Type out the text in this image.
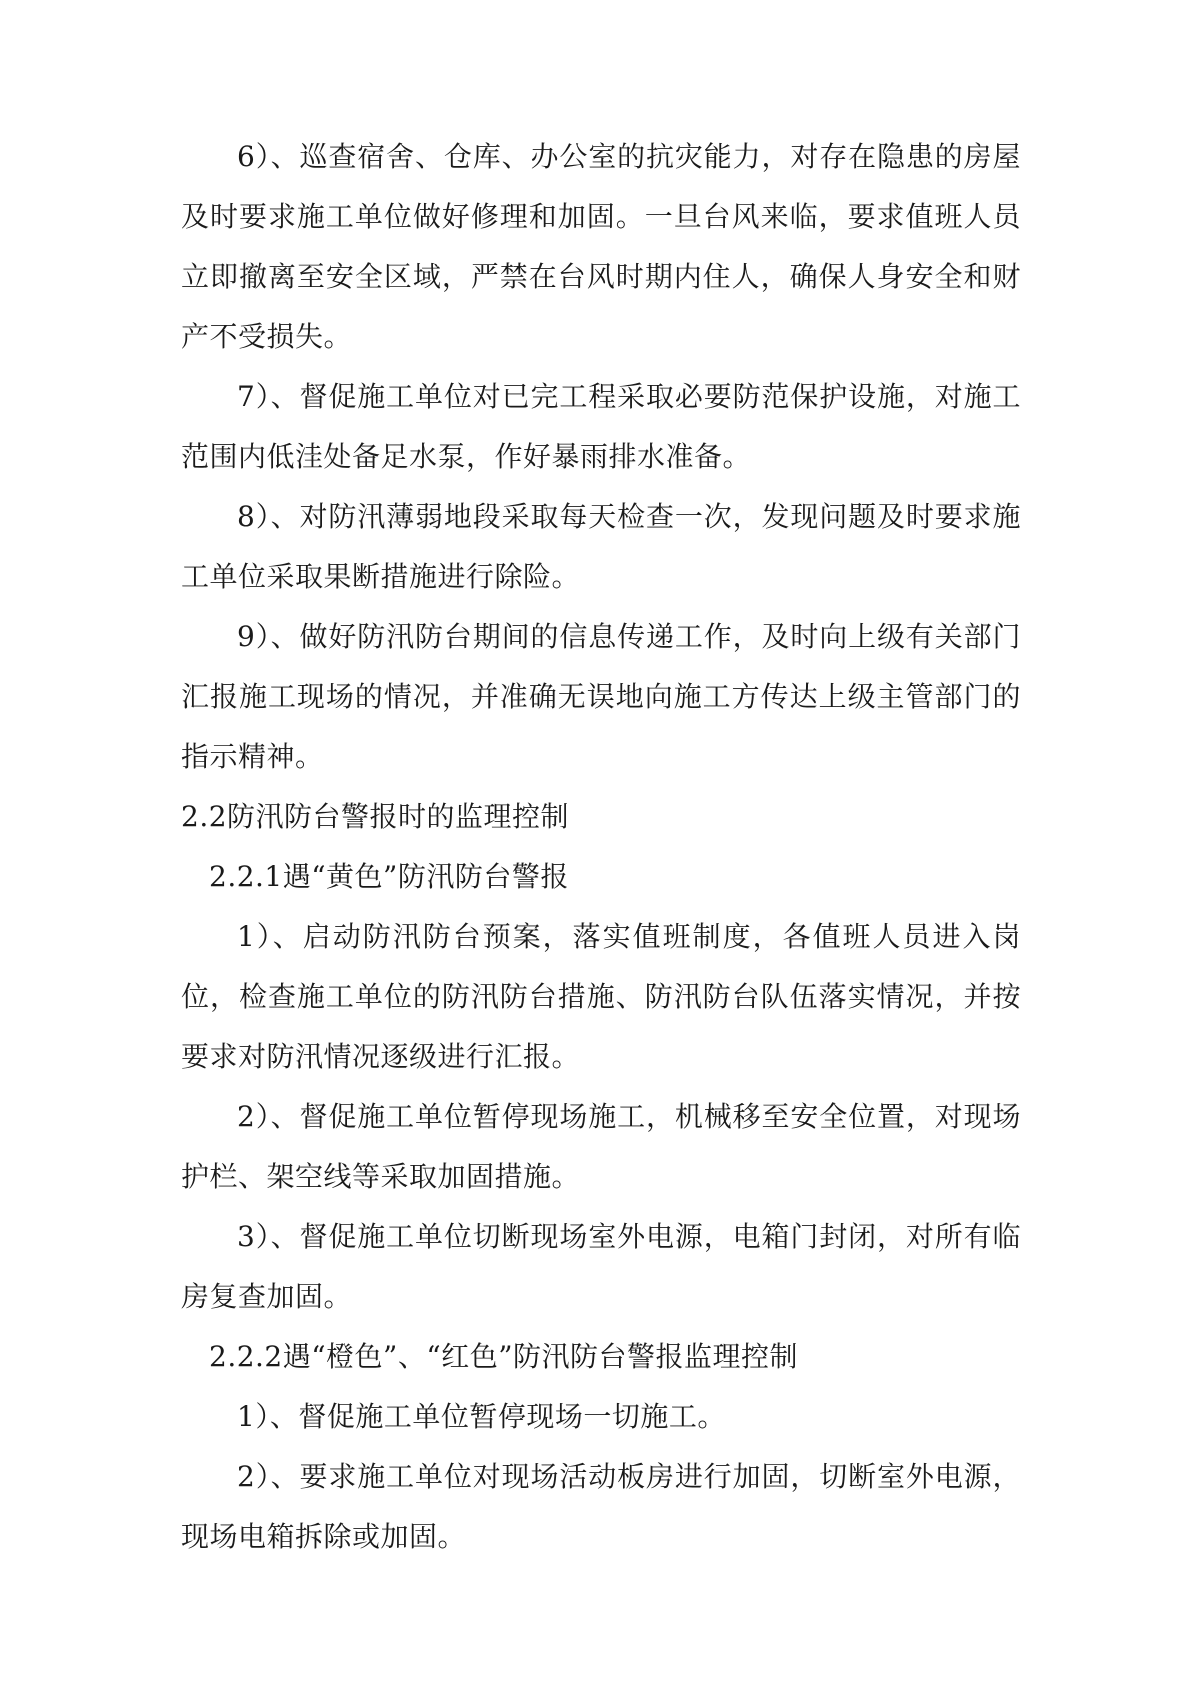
6）、巡查宿舍、仓库、办公室的抗灾能力，对存在隐患的房屋及时要求施工单位做好修理和加固。一旦台风来临，要求值班人员立即撤离至安全区域，严禁在台风时期内住人，确保人身安全和财产不受损失。

7）、督促施工单位对已完工程采取必要防范保护设施，对施工范围内低洼处备足水泵，作好暴雨排水准备。

8）、对防汛薄弱地段采取每天检查一次，发现问题及时要求施工单位采取果断措施进行除险。

9）、做好防汛防台期间的信息传递工作，及时向上级有关部门汇报施工现场的情况，并准确无误地向施工方传达上级主管部门的指示精神。

2.2防汛防台警报时的监理控制

2.2.1遇“黄色”防汛防台警报

1）、启动防汛防台预案，落实值班制度，各值班人员进入岗位，检查施工单位的防汛防台措施、防汛防台队伍落实情况，并按要求对防汛情况逐级进行汇报。

2）、督促施工单位暂停现场施工，机械移至安全位置，对现场护栏、架空线等采取加固措施。

3）、督促施工单位切断现场室外电源，电箱门封闭，对所有临房复查加固。

2.2.2遇“橙色”、“红色”防汛防台警报监理控制

1）、督促施工单位暂停现场一切施工。

2）、要求施工单位对现场活动板房进行加固，切断室外电源，现场电箱拆除或加固。
